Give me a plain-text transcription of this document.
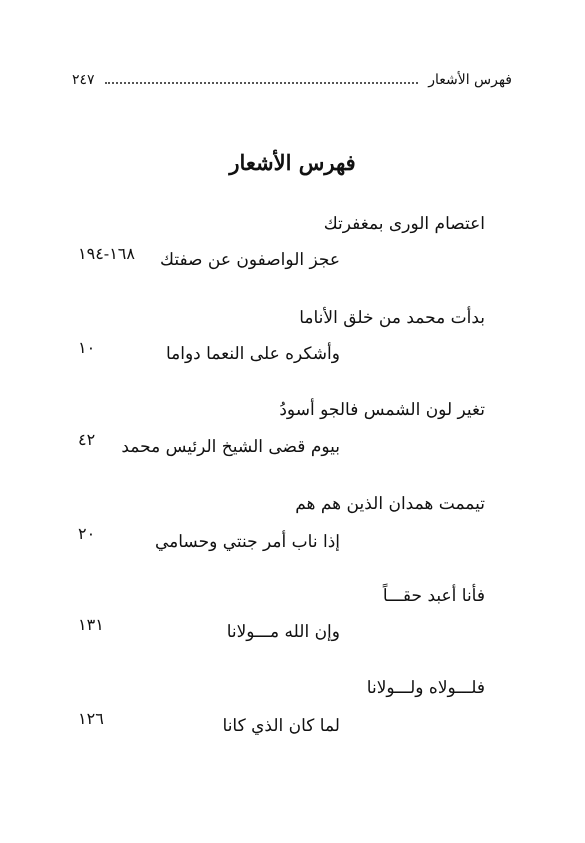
فهرس الأشعار
٢٤٧
فهرس الأشعار
اعتصام الورى بمغفرتك
عجز الواصفون عن صفتك
١٦٨-١٩٤
بدأت محمد من خلق الأناما
وأشكره على النعما دواما
١٠
تغير لون الشمس فالجو أسودُ
بيوم قضى الشيخ الرئيس محمد
٤٢
تيممت همدان الذين هم هم
إذا ناب أمر جنتي وحسامي
٢٠
فأنا أعبد حقـــاً
وإن الله مـــولانا
١٣١
فلـــولاه ولـــولانا
لما كان الذي كانا
١٢٦
